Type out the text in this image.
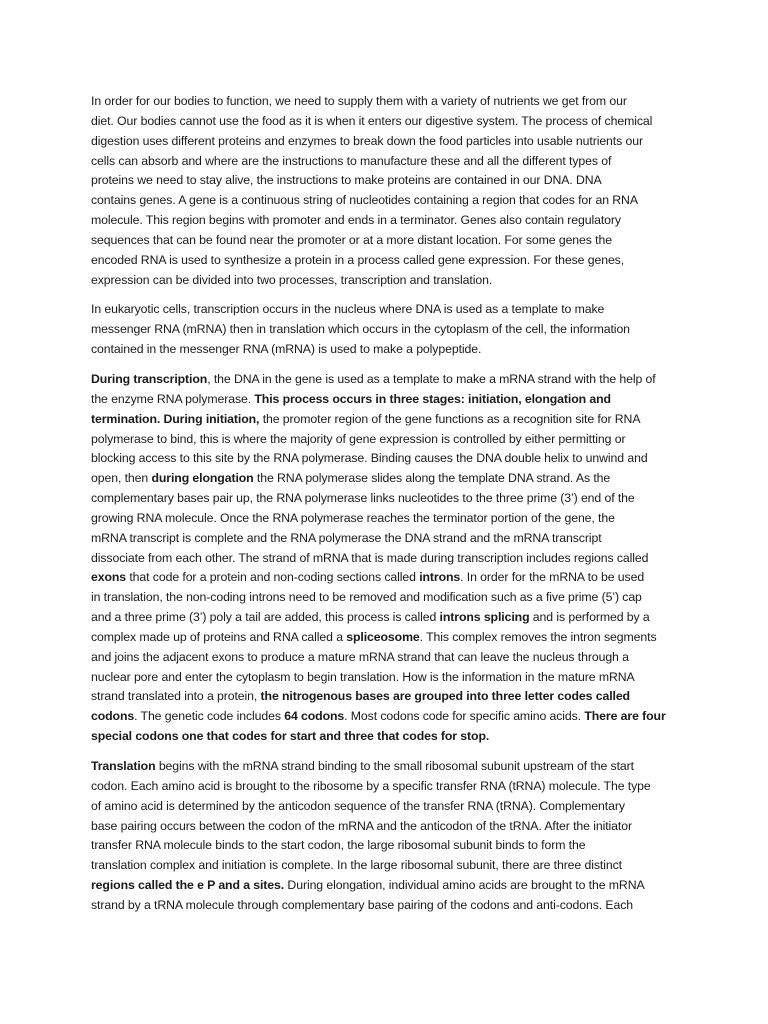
In order for our bodies to function, we need to supply them with a variety of nutrients we get from our
diet. Our bodies cannot use the food as it is when it enters our digestive system. The process of chemical
digestion uses different proteins and enzymes to break down the food particles into usable nutrients our
cells can absorb and where are the instructions to manufacture these and all the different types of
proteins we need to stay alive, the instructions to make proteins are contained in our DNA. DNA
contains genes. A gene is a continuous string of nucleotides containing a region that codes for an RNA
molecule. This region begins with promoter and ends in a terminator. Genes also contain regulatory
sequences that can be found near the promoter or at a more distant location. For some genes the
encoded RNA is used to synthesize a protein in a process called gene expression. For these genes,
expression can be divided into two processes, transcription and translation.
In eukaryotic cells, transcription occurs in the nucleus where DNA is used as a template to make
messenger RNA (mRNA) then in translation which occurs in the cytoplasm of the cell, the information
contained in the messenger RNA (mRNA) is used to make a polypeptide.
During transcription, the DNA in the gene is used as a template to make a mRNA strand with the help of
the enzyme RNA polymerase. This process occurs in three stages: initiation, elongation and
termination. During initiation, the promoter region of the gene functions as a recognition site for RNA
polymerase to bind, this is where the majority of gene expression is controlled by either permitting or
blocking access to this site by the RNA polymerase. Binding causes the DNA double helix to unwind and
open, then during elongation the RNA polymerase slides along the template DNA strand. As the
complementary bases pair up, the RNA polymerase links nucleotides to the three prime (3’) end of the
growing RNA molecule. Once the RNA polymerase reaches the terminator portion of the gene, the
mRNA transcript is complete and the RNA polymerase the DNA strand and the mRNA transcript
dissociate from each other. The strand of mRNA that is made during transcription includes regions called
exons that code for a protein and non-coding sections called introns. In order for the mRNA to be used
in translation, the non-coding introns need to be removed and modification such as a five prime (5’) cap
and a three prime (3’) poly a tail are added, this process is called introns splicing and is performed by a
complex made up of proteins and RNA called a spliceosome. This complex removes the intron segments
and joins the adjacent exons to produce a mature mRNA strand that can leave the nucleus through a
nuclear pore and enter the cytoplasm to begin translation. How is the information in the mature mRNA
strand translated into a protein, the nitrogenous bases are grouped into three letter codes called
codons. The genetic code includes 64 codons. Most codons code for specific amino acids. There are four
special codons one that codes for start and three that codes for stop.
Translation begins with the mRNA strand binding to the small ribosomal subunit upstream of the start
codon. Each amino acid is brought to the ribosome by a specific transfer RNA (tRNA) molecule. The type
of amino acid is determined by the anticodon sequence of the transfer RNA (tRNA). Complementary
base pairing occurs between the codon of the mRNA and the anticodon of the tRNA. After the initiator
transfer RNA molecule binds to the start codon, the large ribosomal subunit binds to form the
translation complex and initiation is complete. In the large ribosomal subunit, there are three distinct
regions called the e P and a sites. During elongation, individual amino acids are brought to the mRNA
strand by a tRNA molecule through complementary base pairing of the codons and anti-codons. Each
